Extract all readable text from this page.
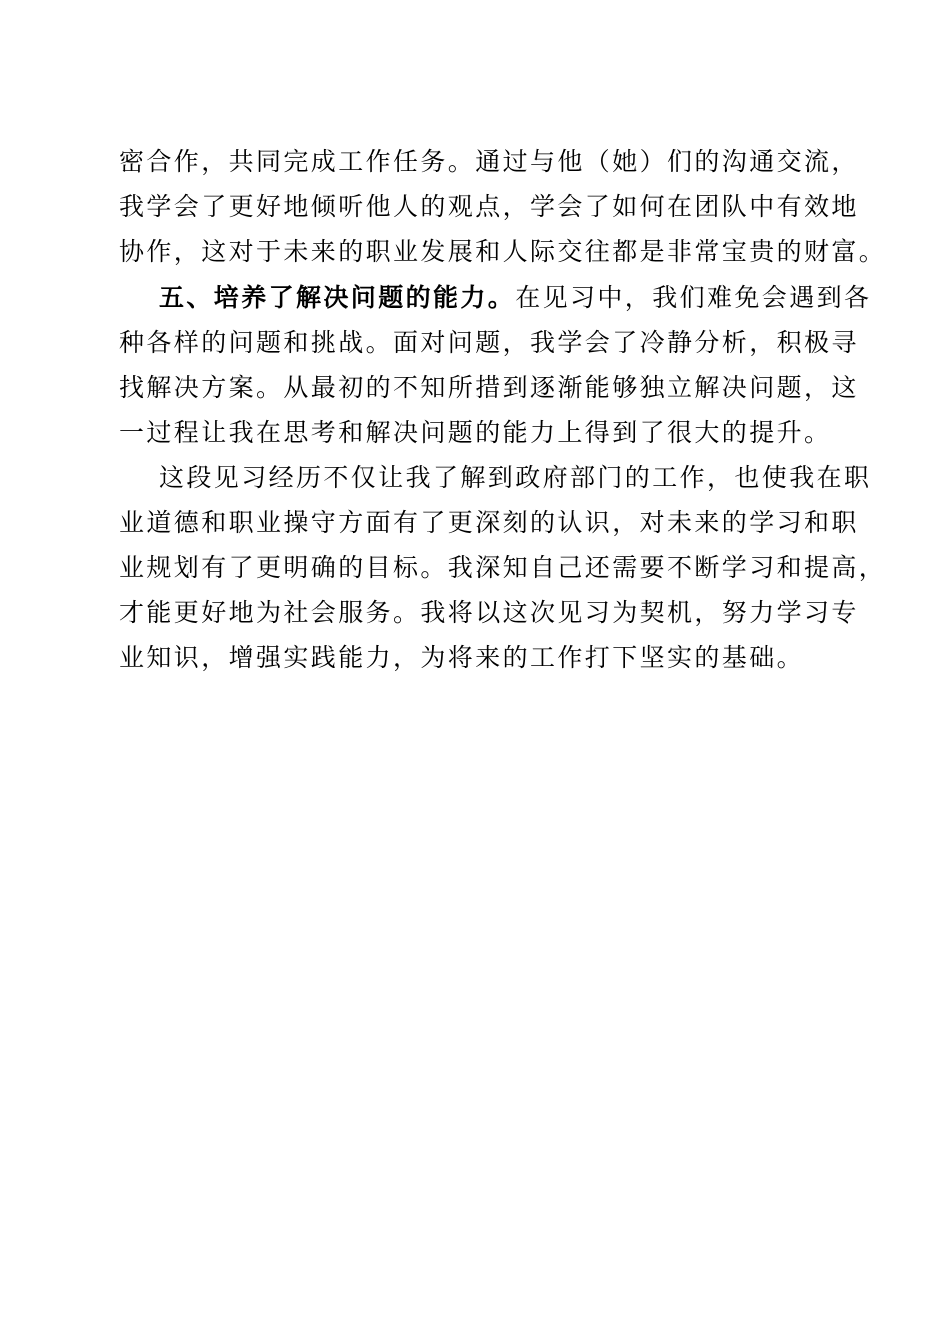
密合作，共同完成工作任务。通过与他（她）们的沟通交流，
我学会了更好地倾听他人的观点，学会了如何在团队中有效地
协作，这对于未来的职业发展和人际交往都是非常宝贵的财富。
五、培养了解决问题的能力。在见习中，我们难免会遇到各
种各样的问题和挑战。面对问题，我学会了冷静分析，积极寻
找解决方案。从最初的不知所措到逐渐能够独立解决问题，这
一过程让我在思考和解决问题的能力上得到了很大的提升。
这段见习经历不仅让我了解到政府部门的工作，也使我在职
业道德和职业操守方面有了更深刻的认识，对未来的学习和职
业规划有了更明确的目标。我深知自己还需要不断学习和提高，
才能更好地为社会服务。我将以这次见习为契机，努力学习专
业知识，增强实践能力，为将来的工作打下坚实的基础。
